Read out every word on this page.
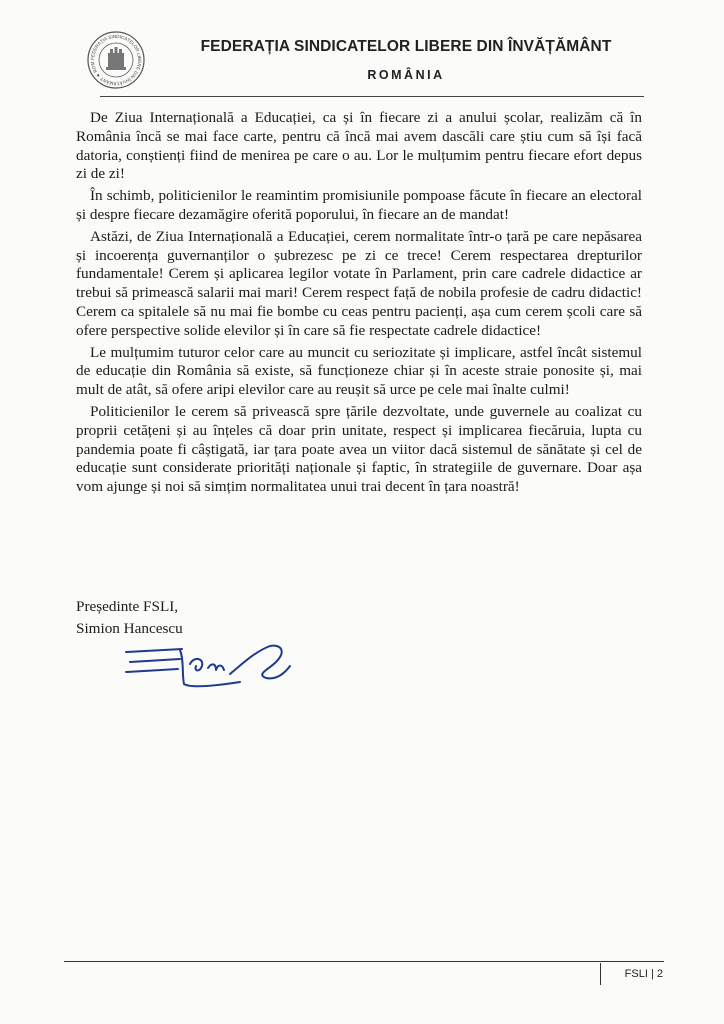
FEDERAȚIA SINDICATELOR LIBERE DIN ÎNVĂȚĂMÂNT ★ ROM
FEDERAȚIA SINDICATELOR LIBERE DIN ÎNVĂȚĂMÂNT
ROMÂNIA

De Ziua Internațională a Educației, ca și în fiecare zi a anului școlar, realizăm că în România încă se mai face carte, pentru că încă mai avem dascăli care știu cum să își facă datoria, conștienți fiind de menirea pe care o au. Lor le mulțumim pentru fiecare efort depus zi de zi!

În schimb, politicienilor le reamintim promisiunile pompoase făcute în fiecare an electoral și despre fiecare dezamăgire oferită poporului, în fiecare an de mandat!

Astăzi, de Ziua Internațională a Educației, cerem normalitate într-o țară pe care nepăsarea și incoerența guvernanților o șubrezesc pe zi ce trece! Cerem respectarea drepturilor fundamentale! Cerem și aplicarea legilor votate în Parlament, prin care cadrele didactice ar trebui să primească salarii mai mari! Cerem respect față de nobila profesie de cadru didactic! Cerem ca spitalele să nu mai fie bombe cu ceas pentru pacienți, așa cum cerem școli care să ofere perspective solide elevilor și în care să fie respectate cadrele didactice!

Le mulțumim tuturor celor care au muncit cu seriozitate și implicare, astfel încât sistemul de educație din România să existe, să funcționeze chiar și în aceste straie ponosite și, mai mult de atât, să ofere aripi elevilor care au reușit să urce pe cele mai înalte culmi!

Politicienilor le cerem să privească spre țările dezvoltate, unde guvernele au coalizat cu proprii cetățeni și au înțeles că doar prin unitate, respect și implicarea fiecăruia, lupta cu pandemia poate fi câștigată, iar țara poate avea un viitor dacă sistemul de sănătate și cel de educație sunt considerate priorități naționale și faptic, în strategiile de guvernare. Doar așa vom ajunge și noi să simțim normalitatea unui trai decent în țara noastră!

Președinte FSLI,
Simion Hancescu
FSLI | 2
